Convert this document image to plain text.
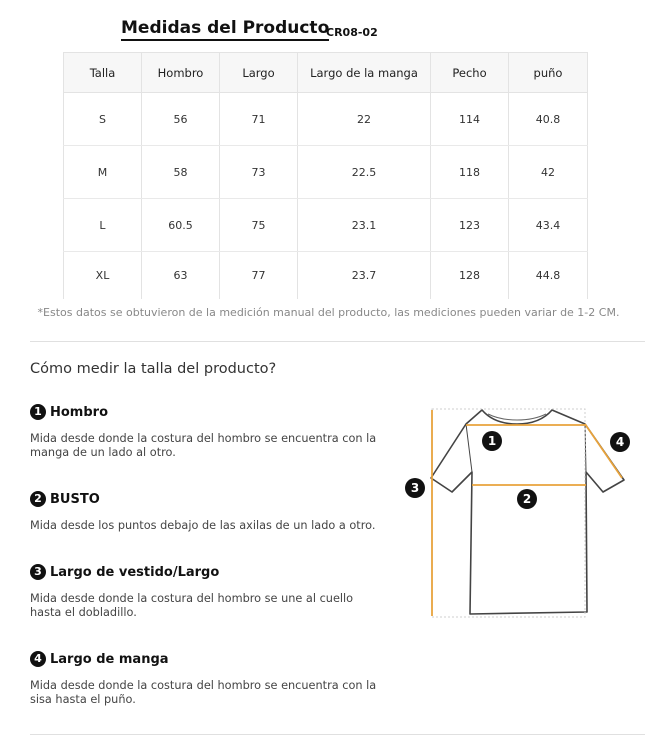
Medidas del Producto
CR08-02
Talla	Hombro	Largo	Largo de la manga	Pecho	puño
S	56	71	22	114	40.8
M	58	73	22.5	118	42
L	60.5	75	23.1	123	43.4
XL	63	77	23.7	128	44.8
*Estos datos se obtuvieron de la medición manual del producto, las mediciones pueden variar de 1-2 CM.
Cómo medir la talla del producto?
1 Hombro
Mida desde donde la costura del hombro se encuentra con la manga de un lado al otro.
2 BUSTO
Mida desde los puntos debajo de las axilas de un lado a otro.
3 Largo de vestido/Largo
Mida desde donde la costura del hombro se une al cuello hasta el dobladillo.
4 Largo de manga
Mida desde donde la costura del hombro se encuentra con la sisa hasta el puño.
1
2
3
4
